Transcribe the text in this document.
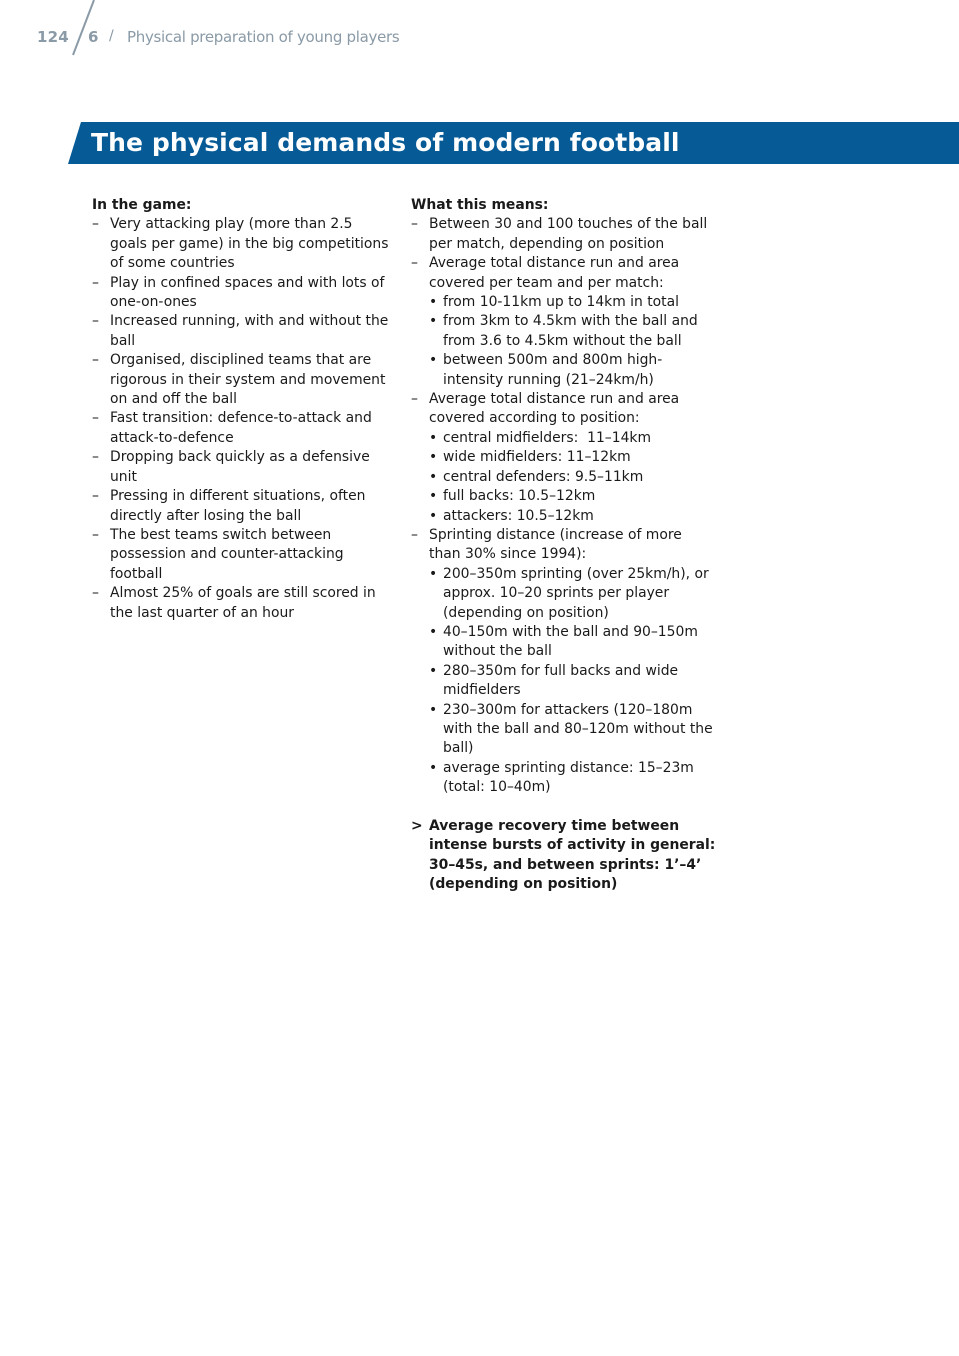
124 6 / Physical preparation of young players
The physical demands of modern football

In the game:

– Very attacking play (more than 2.5 goals per game) in the big competitions of some countries
– Play in confined spaces and with lots of one-on-ones
– Increased running, with and without the ball
– Organised, disciplined teams that are rigorous in their system and movement on and off the ball
– Fast transition: defence-to-attack and attack-to-defence
– Dropping back quickly as a defensive unit
– Pressing in different situations, often directly after losing the ball
– The best teams switch between possession and counter-attacking football
– Almost 25% of goals are still scored in the last quarter of an hour

What this means:

– Between 30 and 100 touches of the ball per match, depending on position
– Average total distance run and area covered per team and per match:
• from 10-11km up to 14km in total
• from 3km to 4.5km with the ball and from 3.6 to 4.5km without the ball
• between 500m and 800m high-intensity running (21–24km/h)
– Average total distance run and area covered according to position:
• central midfielders:  11–14km
• wide midfielders: 11–12km
• central defenders: 9.5–11km
• full backs: 10.5–12km
• attackers: 10.5–12km
– Sprinting distance (increase of more than 30% since 1994):
• 200–350m sprinting (over 25km/h), or approx. 10–20 sprints per player (depending on position)
• 40–150m with the ball and 90–150m without the ball
• 280–350m for full backs and wide midfielders
• 230–300m for attackers (120–180m with the ball and 80–120m without the ball)
• average sprinting distance: 15–23m (total: 10–40m)
> Average recovery time between intense bursts of activity in general: 30–45s, and between sprints: 1’–4’ (depending on position)
